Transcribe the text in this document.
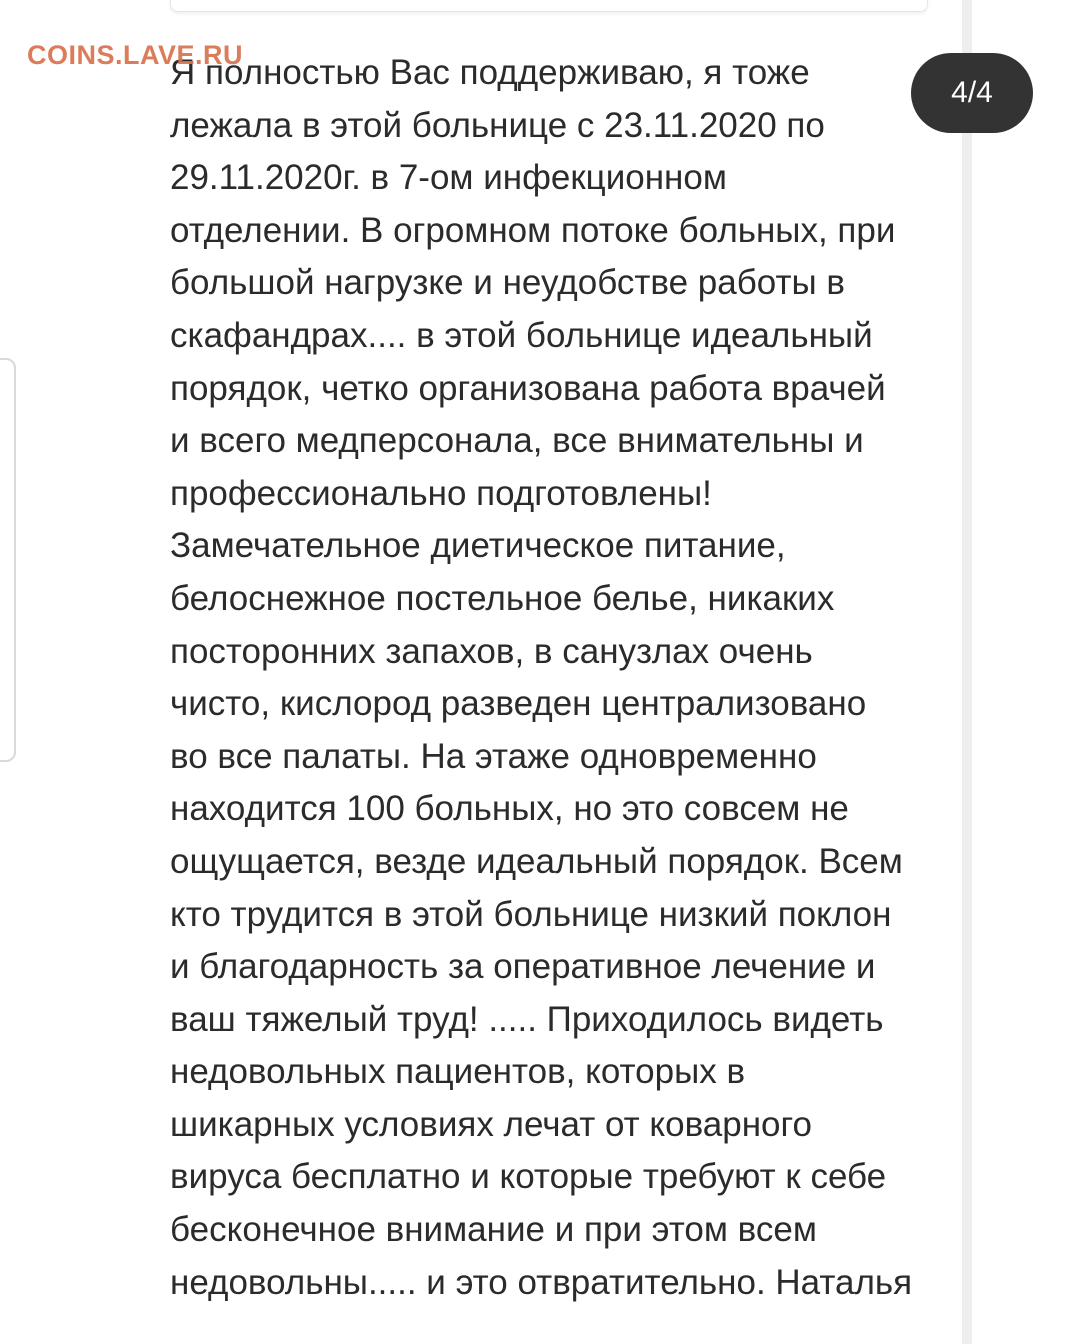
Я полностью Вас поддерживаю, я тоже
лежала в этой больнице с 23.11.2020 по
29.11.2020г. в 7-ом инфекционном
отделении. В огромном потоке больных, при
большой нагрузке и неудобстве работы в
скафандрах.... в этой больнице идеальный
порядок, четко организована работа врачей
и всего медперсонала, все внимательны и
профессионально подготовлены!
Замечательное диетическое питание,
белоснежное постельное белье, никаких
посторонних запахов, в санузлах очень
чисто, кислород разведен централизовано
во все палаты. На этаже одновременно
находится 100 больных, но это совсем не
ощущается, везде идеальный порядок. Всем
кто трудится в этой больнице низкий поклон
и благодарность за оперативное лечение и
ваш тяжелый труд! ..... Приходилось видеть
недовольных пациентов, которых в
шикарных условиях лечат от коварного
вируса бесплатно и которые требуют к себе
бесконечное внимание и при этом всем
недовольны..... и это отвратительно. Наталья

COINS.LAVE.RU
4/4
